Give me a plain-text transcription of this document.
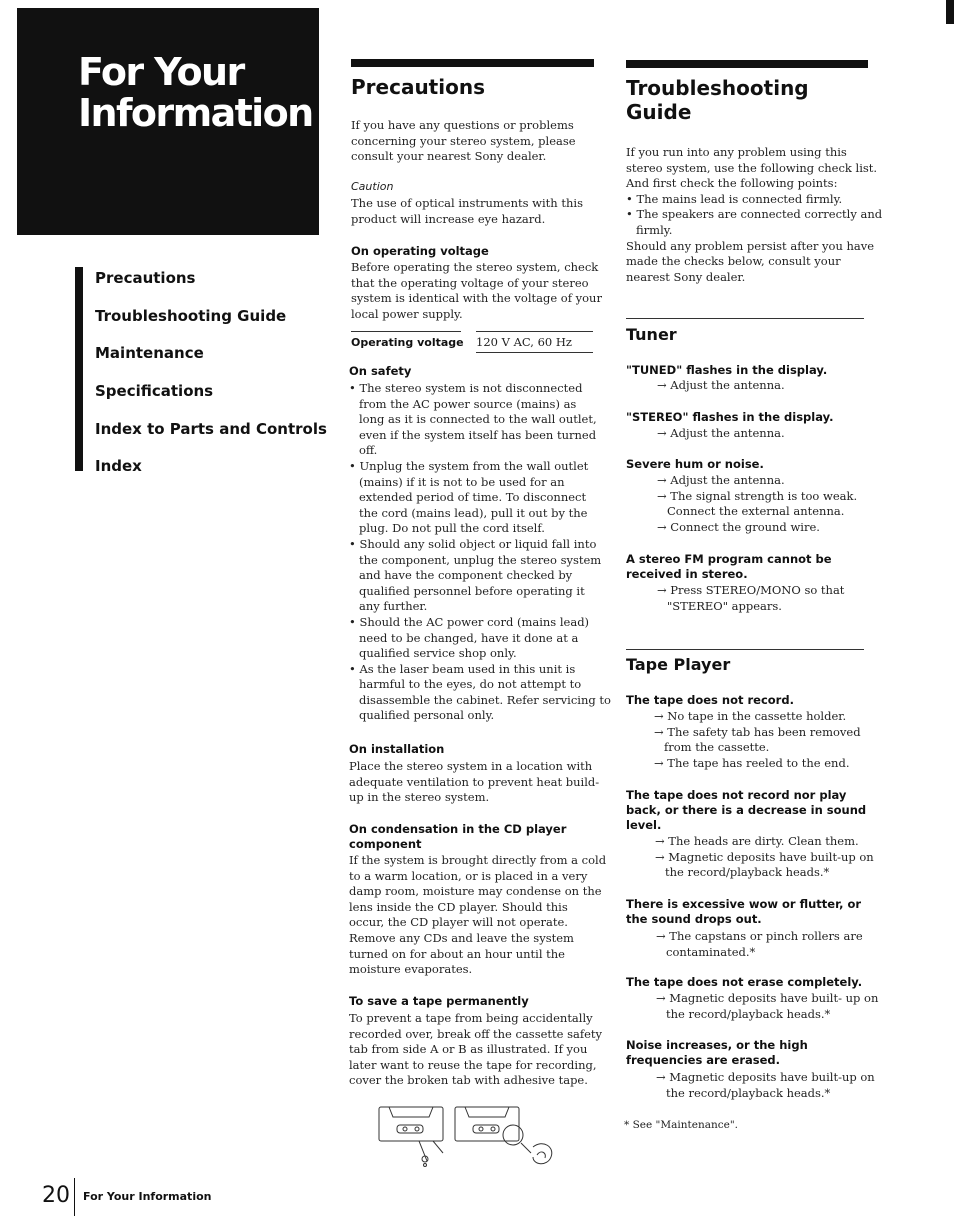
For Your
Information
Precautions
Troubleshooting Guide
Maintenance
Specifications
Index to Parts and Controls
Index
Precautions

If you have any questions or problems

concerning your stereo system, please

consult your nearest Sony dealer.

Caution

The use of optical instruments with this

product will increase eye hazard.

On operating voltage

Before operating the stereo system, check

that the operating voltage of your stereo

system is identical with the voltage of your

local power supply.

Operating voltage 120 V AC, 60 Hz
On safety

• The stereo system is not disconnected

from the AC power source (mains) as

long as it is connected to the wall outlet,

even if the system itself has been turned

off.

• Unplug the system from the wall outlet

(mains) if it is not to be used for an

extended period of time. To disconnect

the cord (mains lead), pull it out by the

plug. Do not pull the cord itself.

• Should any solid object or liquid fall into

the component, unplug the stereo system

and have the component checked by

qualified personnel before operating it

any further.

• Should the AC power cord (mains lead)

need to be changed, have it done at a

qualified service shop only.

• As the laser beam used in this unit is

harmful to the eyes, do not attempt to

disassemble the cabinet. Refer servicing to

qualified personal only.

On installation

Place the stereo system in a location with

adequate ventilation to prevent heat build-

up in the stereo system.

On condensation in the CD player
component

If the system is brought directly from a cold

to a warm location, or is placed in a very

damp room, moisture may condense on the

lens inside the CD player. Should this

occur, the CD player will not operate.

Remove any CDs and leave the system

turned on for about an hour until the

moisture evaporates.

To save a tape permanently

To prevent a tape from being accidentally

recorded over, break off the cassette safety

tab from side A or B as illustrated. If you

later want to reuse the tape for recording,

cover the broken tab with adhesive tape.

Troubleshooting
Guide

If you run into any problem using this

stereo system, use the following check list.

And first check the following points:

• The mains lead is connected firmly.

• The speakers are connected correctly and

firmly.

Should any problem persist after you have

made the checks below, consult your

nearest Sony dealer.

Tuner
"TUNED" flashes in the display.

→ Adjust the antenna.

"STEREO" flashes in the display.

→ Adjust the antenna.

Severe hum or noise.

→ Adjust the antenna.

→ The signal strength is too weak.

Connect the external antenna.

→ Connect the ground wire.

A stereo FM program cannot be
received in stereo.

→ Press STEREO/MONO so that

"STEREO" appears.

Tape Player
The tape does not record.

→ No tape in the cassette holder.

→ The safety tab has been removed

from the cassette.

→ The tape has reeled to the end.

The tape does not record nor play
back, or there is a decrease in sound
level.

→ The heads are dirty. Clean them.

→ Magnetic deposits have built-up on

the record/playback heads.*

There is excessive wow or flutter, or
the sound drops out.

→ The capstans or pinch rollers are

contaminated.*

The tape does not erase completely.

→ Magnetic deposits have built- up on

the record/playback heads.*

Noise increases, or the high
frequencies are erased.

→ Magnetic deposits have built-up on

the record/playback heads.*

* See "Maintenance".
20 For Your Information
